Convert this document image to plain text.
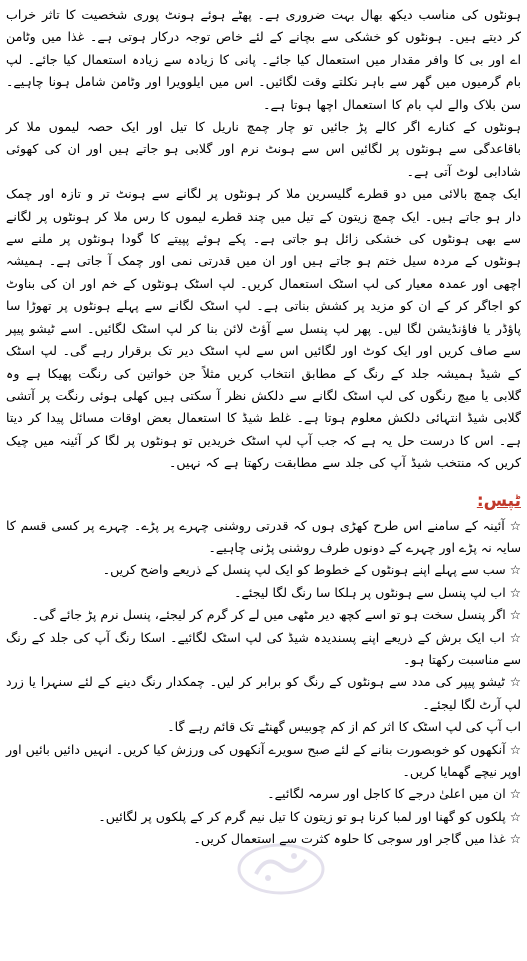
ہونٹوں کی مناسب دیکھ بھال بہت ضروری ہے۔ پھٹے ہوئے ہونٹ پوری شخصیت کا تاثر خراب کر دیتے ہیں۔ ہونٹوں کو خشکی سے بچانے کے لئے خاص توجہ درکار ہوتی ہے۔ غذا میں وٹامن اے اور بی کا وافر مقدار میں استعمال کیا جائے۔ پانی کا زیادہ سے زیادہ استعمال کیا جائے۔ لپ بام گرمیوں میں گھر سے باہر نکلتے وقت لگائیں۔ اس میں ایلوویرا اور وٹامن شامل ہونا چاہیے۔ سن بلاک والے لپ بام کا استعمال اچھا ہوتا ہے۔

ہونٹوں کے کنارے اگر کالے پڑ جائیں تو چار چمچ ناریل کا تیل اور ایک حصہ لیموں ملا کر باقاعدگی سے ہونٹوں پر لگائیں اس سے ہونٹ نرم اور گلابی ہو جاتے ہیں اور ان کی کھوئی شادابی لوٹ آتی ہے۔

ایک چمچ بالائی میں دو قطرے گلیسرین ملا کر ہونٹوں پر لگانے سے ہونٹ تر و تازہ اور چمک دار ہو جاتے ہیں۔ ایک چمچ زیتون کے تیل میں چند قطرے لیموں کا رس ملا کر ہونٹوں پر لگانے سے بھی ہونٹوں کی خشکی زائل ہو جاتی ہے۔ پکے ہوئے پپیتے کا گودا ہونٹوں پر ملنے سے ہونٹوں کے مردہ سیل ختم ہو جاتے ہیں اور ان میں قدرتی نمی اور چمک آ جاتی ہے۔ ہمیشہ اچھی اور عمدہ معیار کی لپ اسٹک استعمال کریں۔ لپ اسٹک ہونٹوں کے خم اور ان کی بناوٹ کو اجاگر کر کے ان کو مزید پر کشش بناتی ہے۔ لپ اسٹک لگانے سے پہلے ہونٹوں پر تھوڑا سا پاؤڈر یا فاؤنڈیشن لگا لیں۔ پھر لپ پنسل سے آؤٹ لائن بنا کر لپ اسٹک لگائیں۔ اسے ٹیشو پیپر سے صاف کریں اور ایک کوٹ اور لگائیں اس سے لپ اسٹک دیر تک برقرار رہے گی۔ لپ اسٹک کے شیڈ ہمیشہ جلد کے رنگ کے مطابق انتخاب کریں مثلاً جن خواتین کی رنگت پھیکا ہے وہ گلابی یا میچ رنگوں کی لپ اسٹک لگانے سے دلکش نظر آ سکتی ہیں کھلی ہوئی رنگت پر آتشی گلابی شیڈ انتہائی دلکش معلوم ہوتا ہے۔ غلط شیڈ کا استعمال بعض اوقات مسائل پیدا کر دیتا ہے۔ اس کا درست حل یہ ہے کہ جب آپ لپ اسٹک خریدیں تو ہونٹوں پر لگا کر آئینہ میں چیک کریں کہ منتخب شیڈ آپ کی جلد سے مطابقت رکھتا ہے کہ نہیں۔

ٹپس:

☆ آئینہ کے سامنے اس طرح کھڑی ہوں کہ قدرتی روشنی چہرے پر پڑے۔ چہرے پر کسی قسم کا سایہ نہ پڑے اور چہرے کے دونوں طرف روشنی پڑنی چاہیے۔

☆ سب سے پہلے اپنے ہونٹوں کے خطوط کو ایک لپ پنسل کے ذریعے واضح کریں۔

☆ اب لپ پنسل سے ہونٹوں پر ہلکا سا رنگ لگا لیجئے۔

☆ اگر پنسل سخت ہو تو اسے کچھ دیر مٹھی میں لے کر گرم کر لیجئے، پنسل نرم پڑ جائے گی۔

☆ اب ایک برش کے ذریعے اپنے پسندیدہ شیڈ کی لپ اسٹک لگائیے۔ اسکا رنگ آپ کی جلد کے رنگ سے مناسبت رکھتا ہو۔

☆ ٹیشو پیپر کی مدد سے ہونٹوں کے رنگ کو برابر کر لیں۔ چمکدار رنگ دینے کے لئے سنہرا یا زرد لپ آرٹ لگا لیجئے۔

اب آپ کی لپ اسٹک کا اثر کم از کم چوبیس گھنٹے تک قائم رہے گا۔

☆ آنکھوں کو خوبصورت بنانے کے لئے صبح سویرے آنکھوں کی ورزش کیا کریں۔ انہیں دائیں بائیں اور اوپر نیچے گھمایا کریں۔

☆ ان میں اعلیٰ درجے کا کاجل اور سرمہ لگائیے۔

☆ پلکوں کو گھنا اور لمبا کرنا ہو تو زیتون کا تیل نیم گرم کر کے پلکوں پر لگائیں۔

☆ غذا میں گاجر اور سوجی کا حلوہ کثرت سے استعمال کریں۔
